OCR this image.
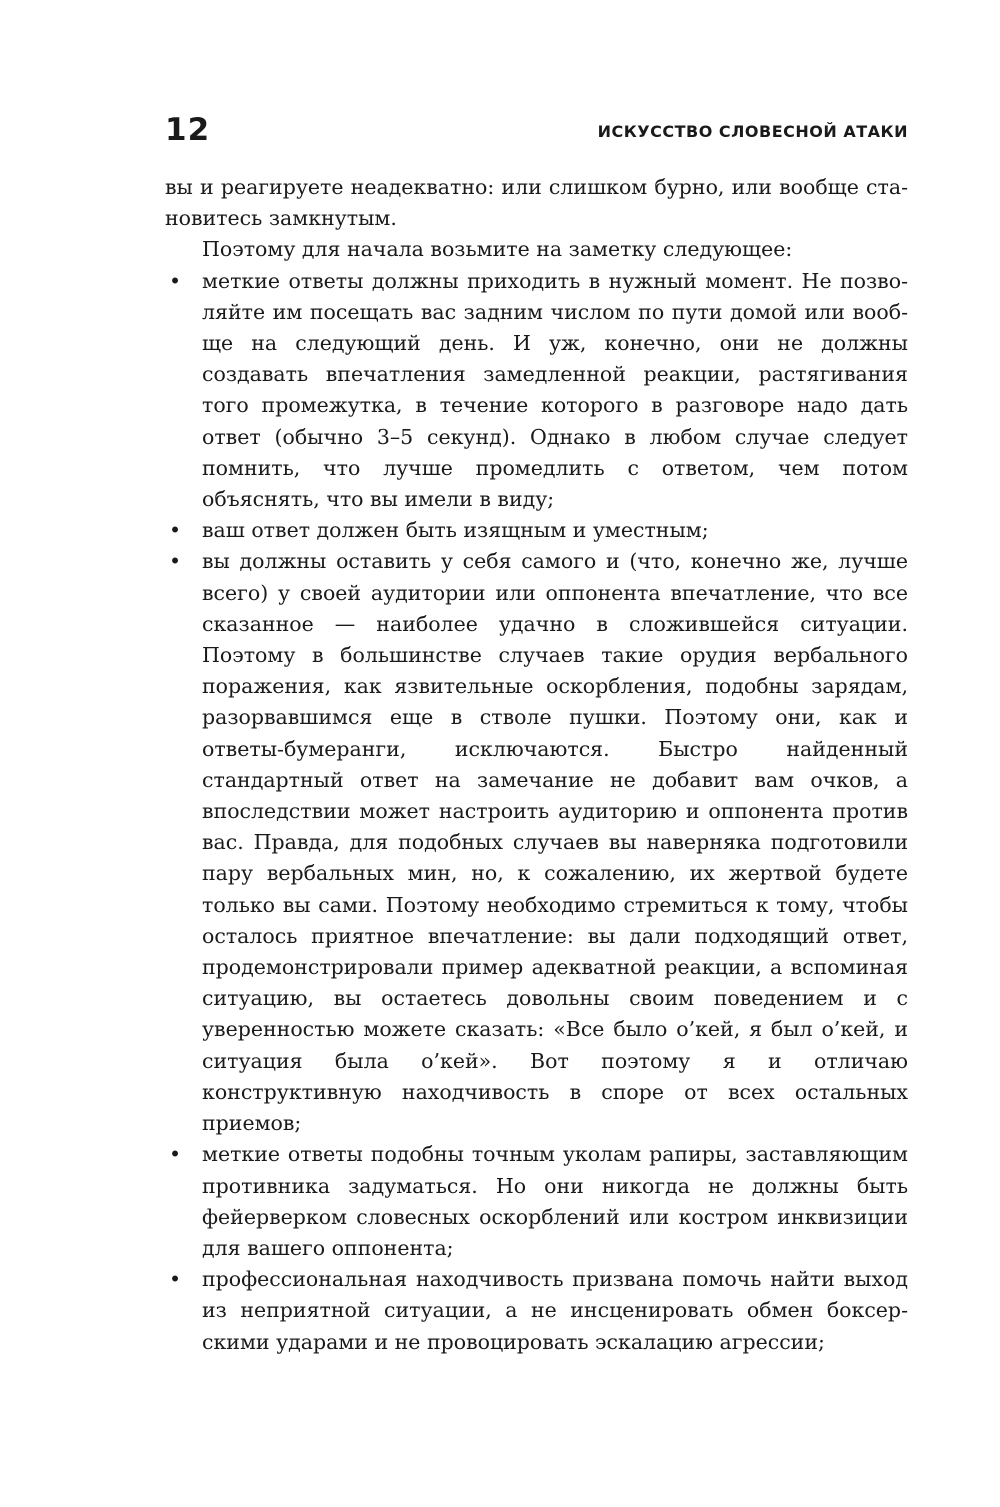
12	ИСКУССТВО СЛОВЕСНОЙ АТАКИ

вы и реагируете неадекватно: или слишком бурно, или вообще становитесь замкнутым.

Поэтому для начала возьмите на заметку следующее:

• меткие ответы должны приходить в нужный момент. Не позволяйте им посещать вас задним числом по пути домой или вообще на следующий день. И уж, конечно, они не должны создавать впечатления замедленной реакции, растягивания того промежутка, в течение которого в разговоре надо дать ответ (обычно 3–5 секунд). Однако в любом случае следует помнить, что лучше промедлить с ответом, чем потом объяснять, что вы имели в виду;
• ваш ответ должен быть изящным и уместным;
• вы должны оставить у себя самого и (что, конечно же, лучше всего) у своей аудитории или оппонента впечатление, что все сказанное — наиболее удачно в сложившейся ситуации. Поэтому в большинстве случаев такие орудия вербального поражения, как язвительные оскорбления, подобны зарядам, разорвавшимся еще в стволе пушки. Поэтому они, как и ответы-бумеранги, исключаются. Быстро найденный стандартный ответ на замечание не добавит вам очков, а впоследствии может настроить аудиторию и оппонента против вас. Правда, для подобных случаев вы наверняка подготовили пару вербальных мин, но, к сожалению, их жертвой будете только вы сами. Поэтому необходимо стремиться к тому, чтобы осталось приятное впечатление: вы дали подходящий ответ, продемонстрировали пример адекватной реакции, а вспоминая ситуацию, вы остаетесь довольны своим поведением и с уверенностью можете сказать: «Все было о’кей, я был о’кей, и ситуация была о’кей». Вот поэтому я и отличаю конструктивную находчивость в споре от всех остальных приемов;
• меткие ответы подобны точным уколам рапиры, заставляющим противника задуматься. Но они никогда не должны быть фейерверком словесных оскорблений или костром инквизиции для вашего оппонента;
• профессиональная находчивость призвана помочь найти выход из неприятной ситуации, а не инсценировать обмен боксерскими ударами и не провоцировать эскалацию агрессии;
